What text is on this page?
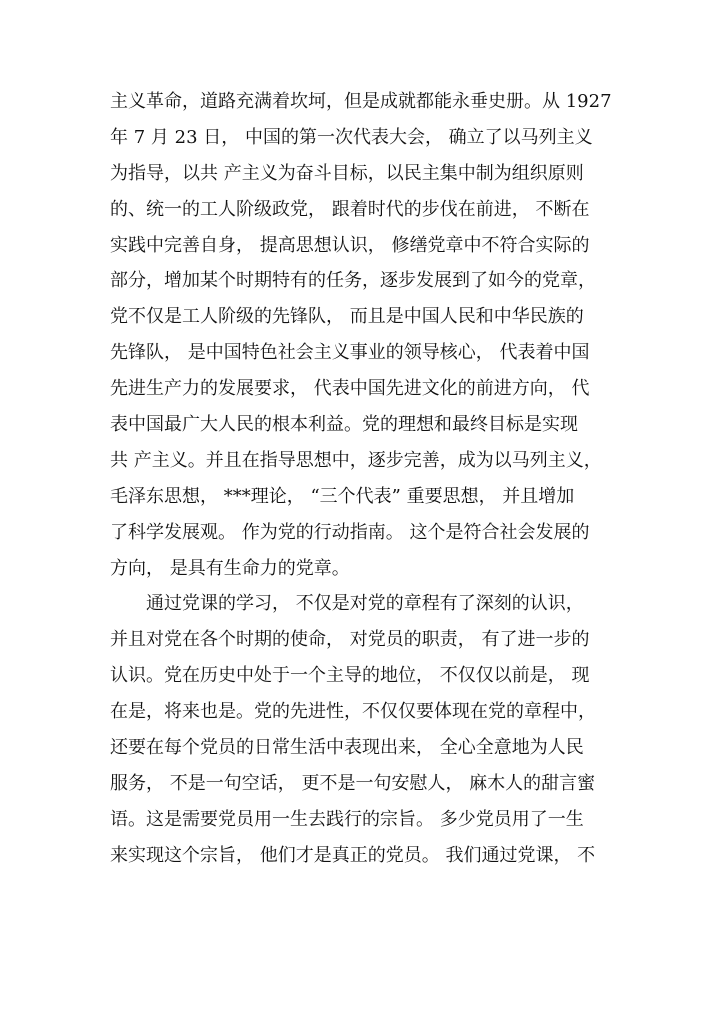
主义革命，道路充满着坎坷，但是成就都能永垂史册。从 1927
年 7 月 23 日， 中国的第一次代表大会， 确立了以马列主义
为指导，以共 产主义为奋斗目标，以民主集中制为组织原则
的、统一的工人阶级政党， 跟着时代的步伐在前进， 不断在
实践中完善自身， 提高思想认识， 修缮党章中不符合实际的
部分，增加某个时期特有的任务，逐步发展到了如今的党章，
党不仅是工人阶级的先锋队， 而且是中国人民和中华民族的
先锋队， 是中国特色社会主义事业的领导核心， 代表着中国
先进生产力的发展要求， 代表中国先进文化的前进方向， 代
表中国最广大人民的根本利益。党的理想和最终目标是实现
共 产主义。并且在指导思想中，逐步完善，成为以马列主义，
毛泽东思想， ***理论， “三个代表” 重要思想， 并且增加
了科学发展观。 作为党的行动指南。 这个是符合社会发展的
方向， 是具有生命力的党章。
通过党课的学习， 不仅是对党的章程有了深刻的认识，
并且对党在各个时期的使命， 对党员的职责， 有了进一步的
认识。党在历史中处于一个主导的地位， 不仅仅以前是， 现
在是，将来也是。党的先进性，不仅仅要体现在党的章程中，
还要在每个党员的日常生活中表现出来， 全心全意地为人民
服务， 不是一句空话， 更不是一句安慰人， 麻木人的甜言蜜
语。这是需要党员用一生去践行的宗旨。 多少党员用了一生
来实现这个宗旨， 他们才是真正的党员。 我们通过党课， 不
